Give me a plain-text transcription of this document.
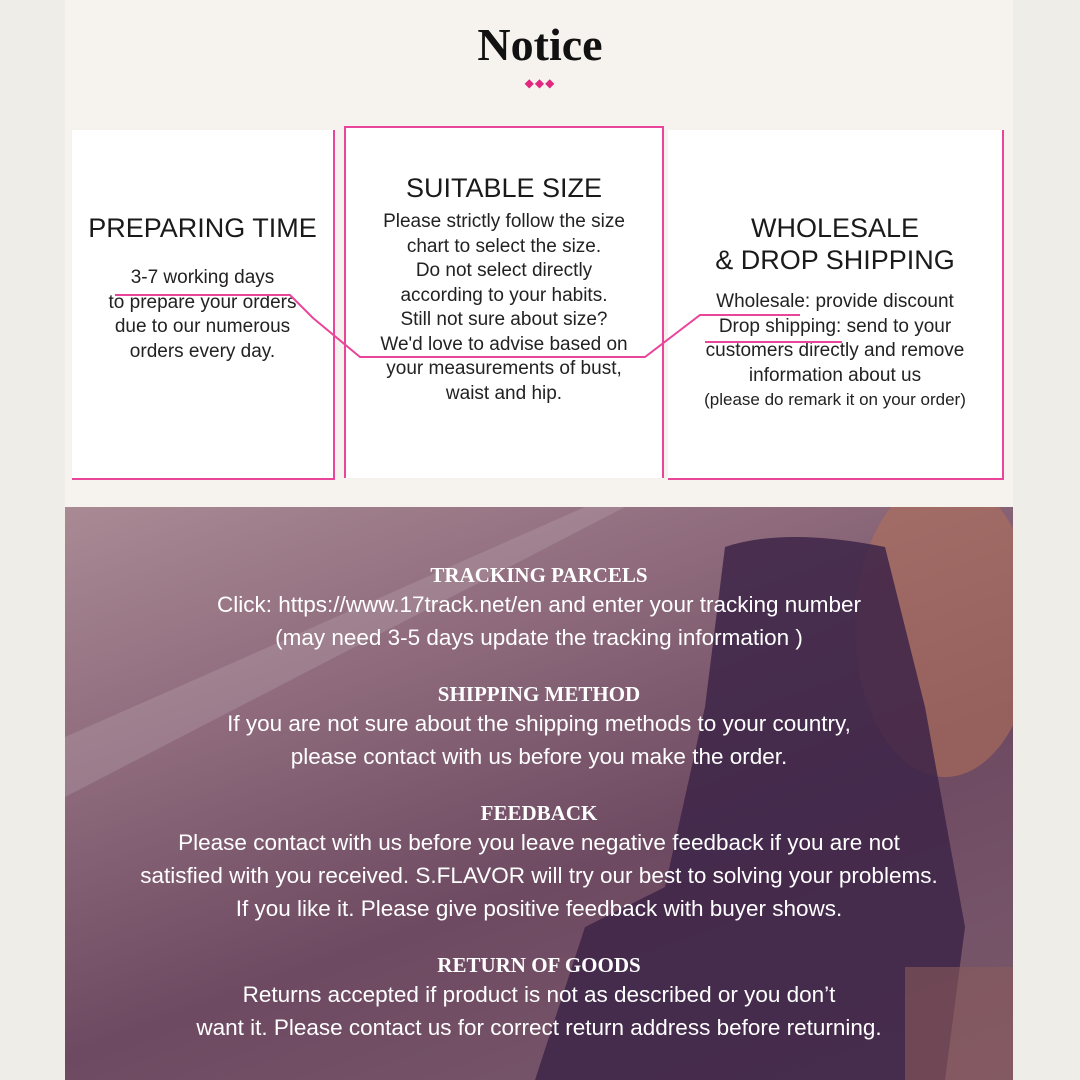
Notice
◆◆◆
PREPARING TIME
3-7 working days
to prepare your orders
due to our numerous
orders every day.
SUITABLE SIZE
Please strictly follow the size
chart to select the size.
Do not select directly
according to your habits.
Still not sure about size?
We'd love to advise based on
your measurements of bust,
waist and hip.
WHOLESALE
& DROP SHIPPING
Wholesale: provide discount
Drop shipping: send to your
customers directly and remove
information about us
(please do remark it on your order)
TRACKING PARCELS
Click: https://www.17track.net/en and enter your tracking number
(may need 3-5 days update the tracking information )
SHIPPING METHOD
If you are not sure about the shipping methods to your country,
please contact with us before you make the order.
FEEDBACK
Please contact with us before you leave negative feedback if you are not
satisfied with you received. S.FLAVOR will try our best to solving your problems.
If you like it. Please give positive feedback with buyer shows.
RETURN OF GOODS
Returns accepted if product is not as described or you don’t
want it. Please contact us for correct return address before returning.
